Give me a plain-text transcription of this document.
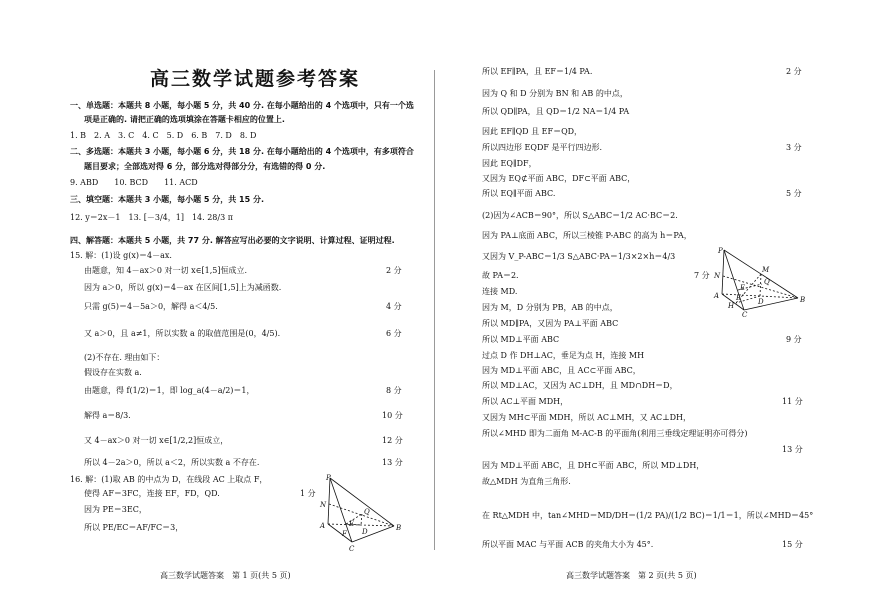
高三数学试题参考答案
一、单选题：本题共 8 小题，每小题 5 分，共 40 分. 在每小题给出的 4 个选项中，只有一个选
项是正确的. 请把正确的选项填涂在答题卡相应的位置上.
1. B　2. A　3. C　4. C　5. D　6. B　7. D　8. D
二、多选题：本题共 3 小题，每小题 6 分，共 18 分. 在每小题给出的 4 个选项中，有多项符合
题目要求；全部选对得 6 分，部分选对得部分分，有选错的得 0 分.
9. ABD　　10. BCD　　11. ACD
三、填空题：本题共 3 小题，每小题 5 分，共 15 分.
12. y＝2x－1　13. [－3/4，1]　14. 28/3 π
四、解答题：本题共 5 小题，共 77 分. 解答应写出必要的文字说明、计算过程、证明过程.
15. 解：(1)设 g(x)＝4－ax.
由题意，知 4－ax＞0 对一切 x∈[1,5]恒成立.
因为 a＞0，所以 g(x)＝4－ax 在区间[1,5]上为减函数.
只需 g(5)＝4－5a＞0，解得 a＜4/5.
又 a＞0，且 a≠1，所以实数 a 的取值范围是(0，4/5).
(2)不存在. 理由如下：
假设存在实数 a.
由题意，得 f(1/2)＝1，即 log_a(4－a/2)＝1，
解得 a＝8/3.
又 4－ax＞0 对一切 x∈[1/2,2]恒成立，
所以 4－2a＞0，所以 a＜2，所以实数 a 不存在.
16. 解：(1)取 AB 的中点为 D，在线段 AC 上取点 F，
使得 AF＝3FC，连接 EF，FD，QD.
因为 PE＝3EC，
所以 PE/EC＝AF/FC＝3，
2 分
4 分
6 分
8 分
10 分
12 分
13 分
1 分
P
N
E
Q
A
F D	B
C
高三数学试题答案　第 1 页(共 5 页)
所以 EF∥PA，且 EF＝1/4 PA.
因为 Q 和 D 分别为 BN 和 AB 的中点，
所以 QD∥PA，且 QD＝1/2 NA＝1/4 PA
因此 EF∥QD 且 EF＝QD，
所以四边形 EQDF 是平行四边形.
因此 EQ∥DF，
又因为 EQ⊄平面 ABC，DF⊂平面 ABC，
所以 EQ∥平面 ABC.
(2)因为∠ACB＝90°，所以 S△ABC＝1/2 AC·BC＝2.
因为 PA⊥底面 ABC，所以三棱锥 P-ABC 的高为 h＝PA，
又因为 V_P-ABC＝1/3 S△ABC·PA＝1/3×2×h＝4/3
故 PA＝2.
连接 MD.
因为 M，D 分别为 PB，AB 的中点，
所以 MD∥PA，又因为 PA⊥平面 ABC
所以 MD⊥平面 ABC
过点 D 作 DH⊥AC，垂足为点 H，连接 MH
因为 MD⊥平面 ABC，且 AC⊂平面 ABC，
所以 MD⊥AC，又因为 AC⊥DH，且 MD∩DH＝D，
所以 AC⊥平面 MDH，
又因为 MH⊂平面 MDH，所以 AC⊥MH，又 AC⊥DH，
所以∠MHD 即为二面角 M-AC-B 的平面角(利用三垂线定理证明亦可得分)
因为 MD⊥平面 ABC，且 DH⊂平面 ABC，所以 MD⊥DH，
故△MDH 为直角三角形.
在 Rt△MDH 中，tan∠MHD＝MD/DH＝(1/2 PA)/(1/2 BC)＝1/1＝1，所以∠MHD＝45°
所以平面 MAC 与平面 ACB 的夹角大小为 45°.
2 分
3 分
5 分
7 分
9 分
11 分
13 分
15 分
P
N
M
Q
E
A F D	B
H
C
高三数学试题答案　第 2 页(共 5 页)
